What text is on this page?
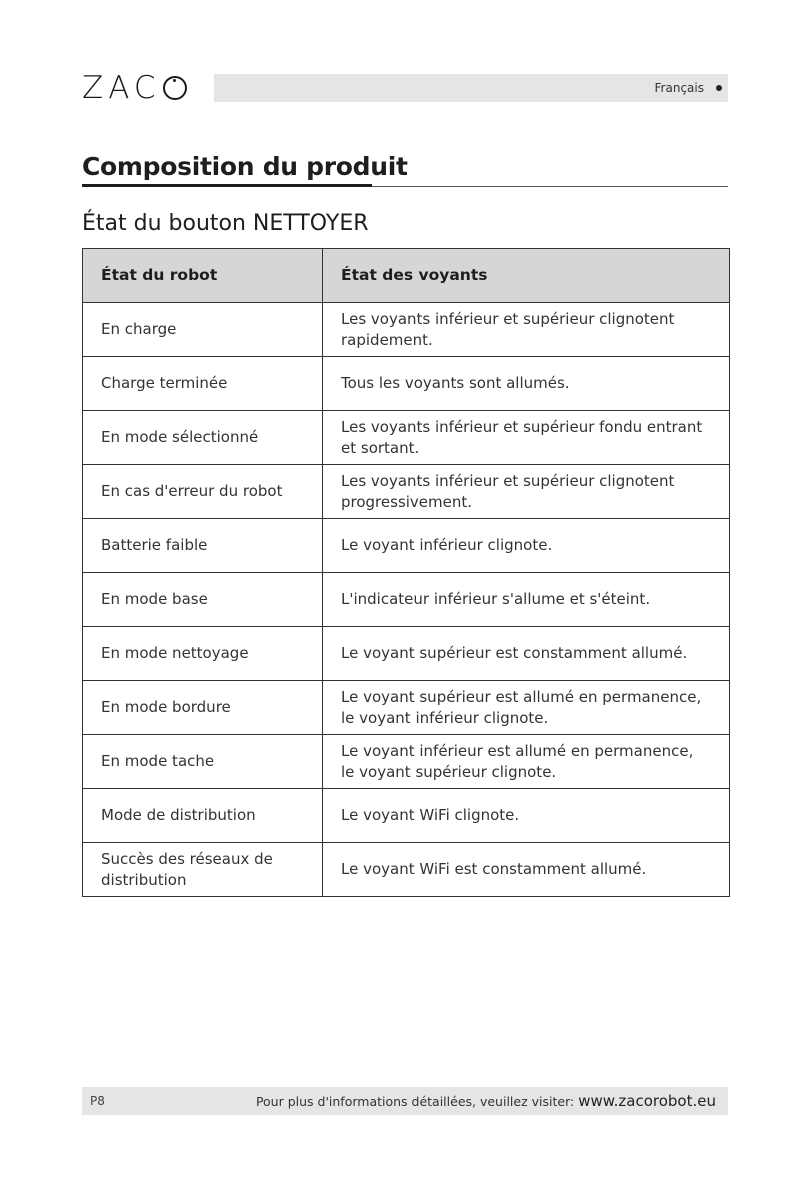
ZAC	Français
Composition du produit
État du bouton NETTOYER
État du robot	État des voyants
En charge	Les voyants inférieur et supérieur clignotent rapidement.
Charge terminée	Tous les voyants sont allumés.
En mode sélectionné	Les voyants inférieur et supérieur fondu entrant et sortant.
En cas d'erreur du robot	Les voyants inférieur et supérieur clignotent progressivement.
Batterie faible	Le voyant inférieur clignote.
En mode base	L'indicateur inférieur s'allume et s'éteint.
En mode nettoyage	Le voyant supérieur est constamment allumé.
En mode bordure	Le voyant supérieur est allumé en permanence, le voyant inférieur clignote.
En mode tache	Le voyant inférieur est allumé en permanence, le voyant supérieur clignote.
Mode de distribution	Le voyant WiFi clignote.
Succès des réseaux de distribution	Le voyant WiFi est constamment allumé.
P8	Pour plus d'informations détaillées, veuillez visiter: www.zacorobot.eu
